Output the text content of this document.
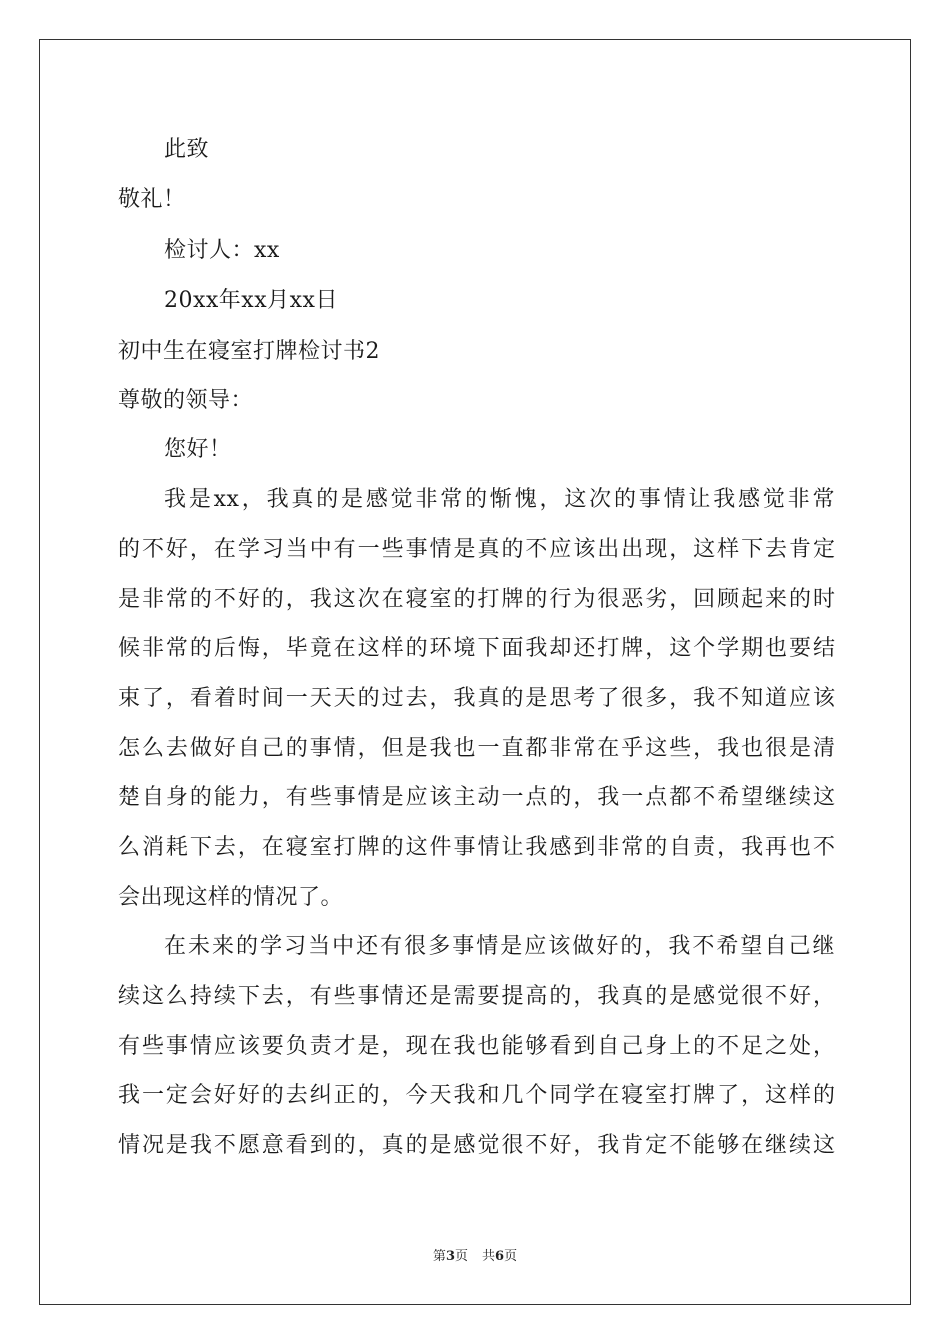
此致
敬礼！
检讨人：xx
20xx年xx月xx日
初中生在寝室打牌检讨书2
尊敬的领导：
您好！
我是xx，我真的是感觉非常的惭愧，这次的事情让我感觉非常
的不好，在学习当中有一些事情是真的不应该出出现，这样下去肯定
是非常的不好的，我这次在寝室的打牌的行为很恶劣，回顾起来的时
候非常的后悔，毕竟在这样的环境下面我却还打牌，这个学期也要结
束了，看着时间一天天的过去，我真的是思考了很多，我不知道应该
怎么去做好自己的事情，但是我也一直都非常在乎这些，我也很是清
楚自身的能力，有些事情是应该主动一点的，我一点都不希望继续这
么消耗下去，在寝室打牌的这件事情让我感到非常的自责，我再也不
会出现这样的情况了。
在未来的学习当中还有很多事情是应该做好的，我不希望自己继
续这么持续下去，有些事情还是需要提高的，我真的是感觉很不好，
有些事情应该要负责才是，现在我也能够看到自己身上的不足之处，
我一定会好好的去纠正的，今天我和几个同学在寝室打牌了，这样的
情况是我不愿意看到的，真的是感觉很不好，我肯定不能够在继续这
第3页 共6页
